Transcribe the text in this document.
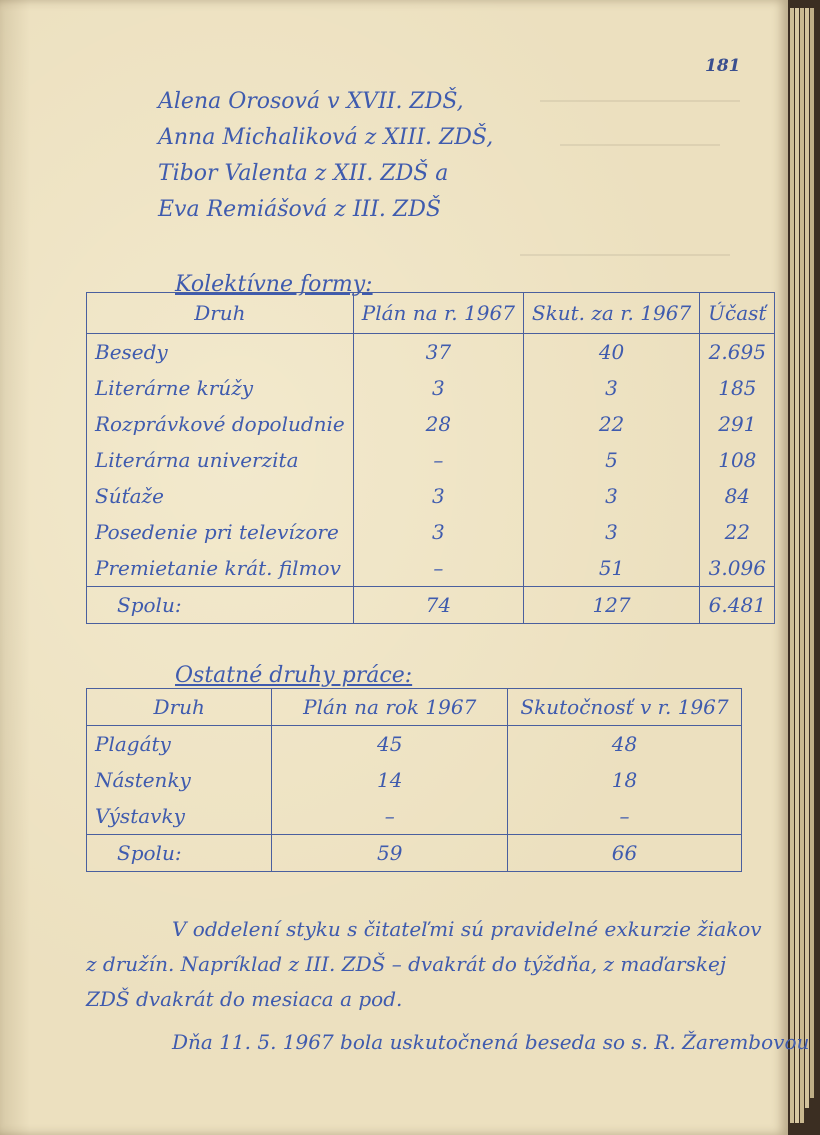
181
Alena Orosová v XVII. ZDŠ,
Anna Michaliková z XIII. ZDŠ,
Tibor Valenta z XII. ZDŠ a
Eva Remiášová z III. ZDŠ
Kolektívne formy:
Druh	Plán na r. 1967	Skut. za r. 1967	Účasť
Besedy	37	40	2.695
Literárne krúžy	3	3	185
Rozprávkové dopoludnie	28	22	291
Literárna univerzita	–	5	108
Súťaže	3	3	84
Posedenie pri televízore	3	3	22
Premietanie krát. filmov	–	51	3.096
Spolu:	74	127	6.481
Ostatné druhy práce:
Druh	Plán na rok 1967	Skutočnosť v r. 1967
Plagáty	45	48
Nástenky	14	18
Výstavky	–	–
Spolu:	59	66
V oddelení styku s čitateľmi sú pravidelné exkurzie žiakov
z družín. Napríklad z III. ZDŠ – dvakrát do týždňa, z maďarskej
ZDŠ dvakrát do mesiaca a pod.
Dňa 11. 5. 1967 bola uskutočnená beseda so s. R. Žarembovou
